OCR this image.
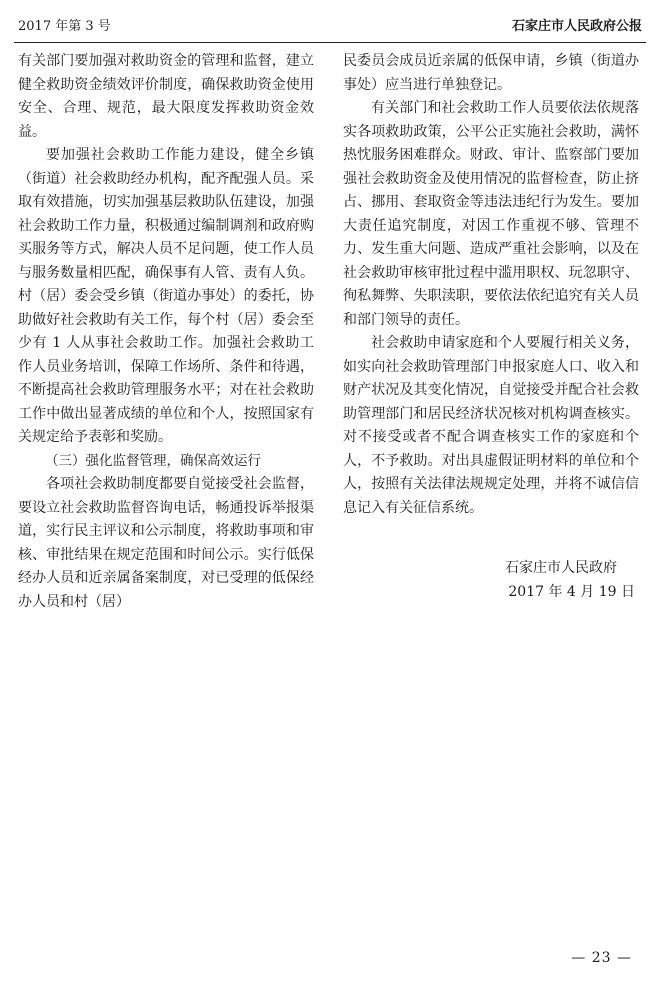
2017 年第 3 号	石家庄市人民政府公报

有关部门要加强对救助资金的管理和监督，建立健全救助资金绩效评价制度，确保救助资金使用安全、合理、规范，最大限度发挥救助资金效益。

要加强社会救助工作能力建设，健全乡镇（街道）社会救助经办机构，配齐配强人员。采取有效措施，切实加强基层救助队伍建设，加强社会救助工作力量，积极通过编制调剂和政府购买服务等方式，解决人员不足问题，使工作人员与服务数量相匹配，确保事有人管、责有人负。村（居）委会受乡镇（街道办事处）的委托，协助做好社会救助有关工作，每个村（居）委会至少有 1 人从事社会救助工作。加强社会救助工作人员业务培训，保障工作场所、条件和待遇，不断提高社会救助管理服务水平；对在社会救助工作中做出显著成绩的单位和个人，按照国家有关规定给予表彰和奖励。

（三）强化监督管理，确保高效运行

各项社会救助制度都要自觉接受社会监督，要设立社会救助监督咨询电话，畅通投诉举报渠道，实行民主评议和公示制度，将救助事项和审核、审批结果在规定范围和时间公示。实行低保经办人员和近亲属备案制度，对已受理的低保经办人员和村（居）

民委员会成员近亲属的低保申请，乡镇（街道办事处）应当进行单独登记。

有关部门和社会救助工作人员要依法依规落实各项救助政策，公平公正实施社会救助，满怀热忱服务困难群众。财政、审计、监察部门要加强社会救助资金及使用情况的监督检查，防止挤占、挪用、套取资金等违法违纪行为发生。要加大责任追究制度，对因工作重视不够、管理不力、发生重大问题、造成严重社会影响，以及在社会救助审核审批过程中滥用职权、玩忽职守、徇私舞弊、失职渎职，要依法依纪追究有关人员和部门领导的责任。

社会救助申请家庭和个人要履行相关义务，如实向社会救助管理部门申报家庭人口、收入和财产状况及其变化情况，自觉接受并配合社会救助管理部门和居民经济状况核对机构调查核实。对不接受或者不配合调查核实工作的家庭和个人，不予救助。对出具虚假证明材料的单位和个人，按照有关法律法规规定处理，并将不诚信信息记入有关征信系统。

石家庄市人民政府
2017 年 4 月 19 日
— 23 —
